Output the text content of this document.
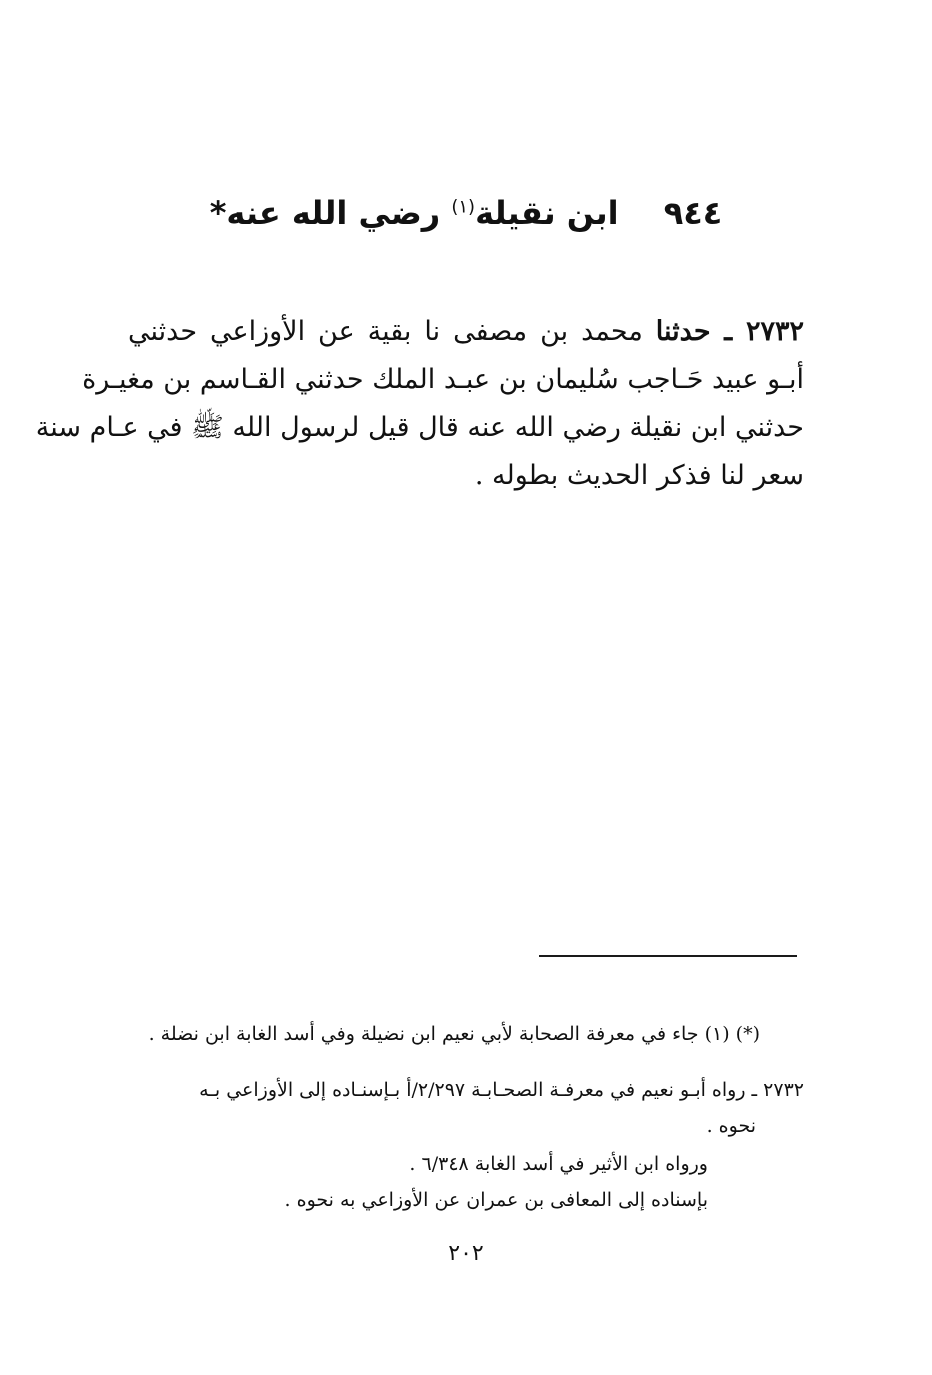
٩٤٤ ابن نقيلة$^{(١)}$ رضي الله عنه*
٢٧٣٢ ـ حدثنا محمد بن مصفى نا بقية عن الأوزاعي حدثني
أبـو عبيد حَـاجب سُليمان بن عبـد الملك حدثني القـاسم بن مغيـرة
حدثني ابن نقيلة رضي الله عنه قال قيل لرسول الله ﷺ في عـام سنة
سعر لنا فذكر الحديث بطوله .
(*) (١) جاء في معرفة الصحابة لأبي نعيم ابن نضيلة وفي أسد الغابة ابن نضلة .
٢٧٣٢ ـ رواه أبـو نعيم في معرفـة الصحـابـة ٢/٢٩٧/أ بـإسنـاده إلى الأوزاعي بـه
نحوه .
ورواه ابن الأثير في أسد الغابة ٦/٣٤٨ .
بإسناده إلى المعافى بن عمران عن الأوزاعي به نحوه .
٢٠٢
